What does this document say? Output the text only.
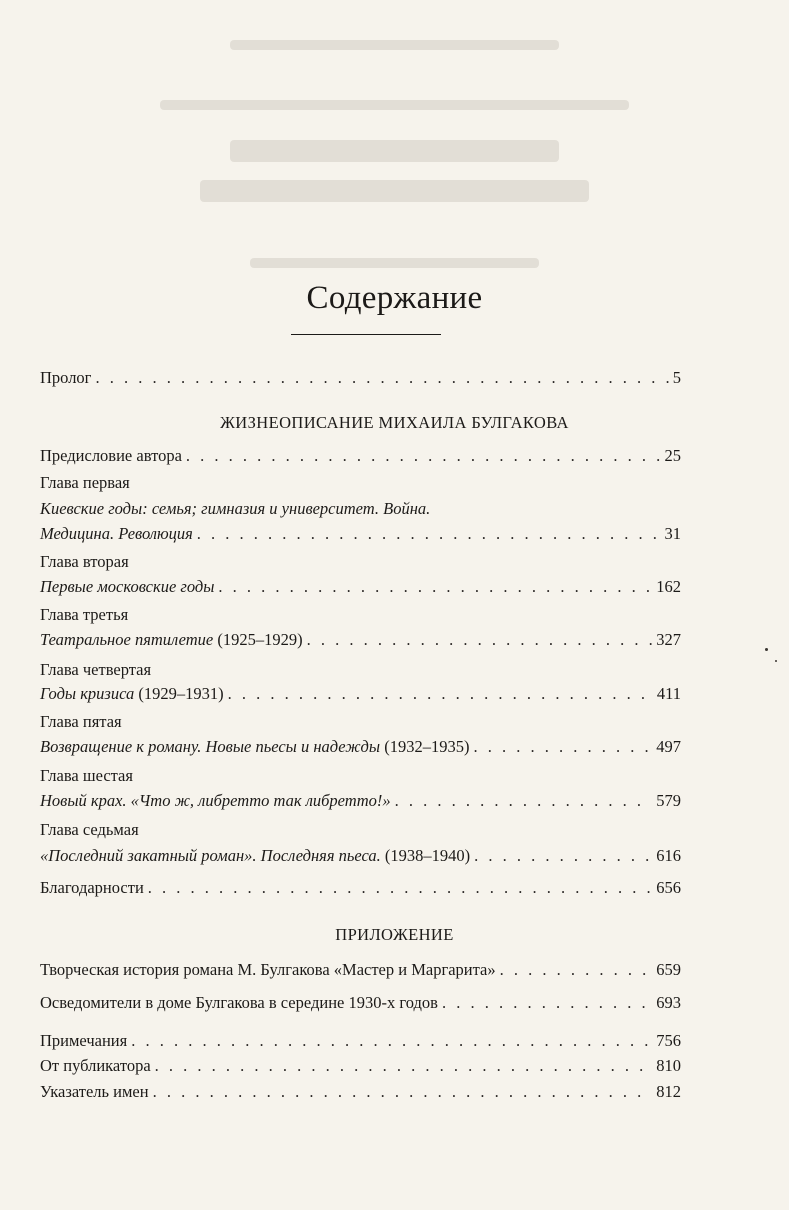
Содержание
Пролог . . .	5
ЖИЗНЕОПИСАНИЕ МИХАИЛА БУЛГАКОВА
Предисловие автора . . .	25
Глава первая
Киевские годы: семья; гимназия и университет. Война.
Медицина. Революция . . .	31
Глава вторая
Первые московские годы . . .	162
Глава третья
Театральное пятилетие (1925–1929) . . .	327
Глава четвертая
Годы кризиса (1929–1931) . . .	411
Глава пятая
Возвращение к роману. Новые пьесы и надежды (1932–1935) . . .	497
Глава шестая
Новый крах. «Что ж, либретто так либретто!» . . .	579
Глава седьмая
«Последний закатный роман». Последняя пьеса. (1938–1940) . . .	616
Благодарности . . .	656
ПРИЛОЖЕНИЕ
Творческая история романа М. Булгакова «Мастер и Маргарита» . . .	659
Осведомители в доме Булгакова в середине 1930-х годов . . .	693
Примечания . . .	756
От публикатора . . .	810
Указатель имен . . .	812
